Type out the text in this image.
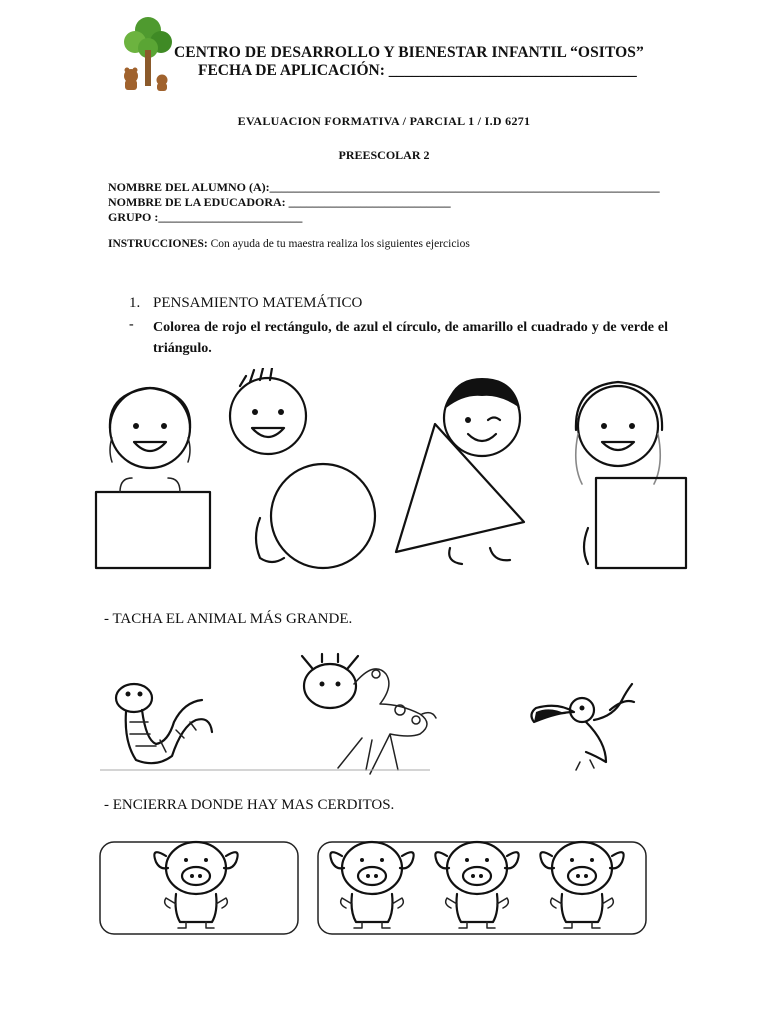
CENTRO DE DESARROLLO Y BIENESTAR INFANTIL “OSITOS”
FECHA DE APLICACIÓN: ________________________________
EVALUACION FORMATIVA / PARCIAL 1 / I.D 6271
PREESCOLAR 2
NOMBRE DEL ALUMNO (A):_________________________________________________________________
NOMBRE DE LA EDUCADORA: ___________________________
GRUPO :________________________
INSTRUCCIONES: Con ayuda de tu maestra realiza los siguientes ejercicios
1. PENSAMIENTO MATEMÁTICO
- Colorea de rojo el rectángulo, de azul el círculo, de amarillo el cuadrado y de verde el triángulo.
- TACHA EL ANIMAL MÁS GRANDE.
- ENCIERRA DONDE HAY MAS CERDITOS.
